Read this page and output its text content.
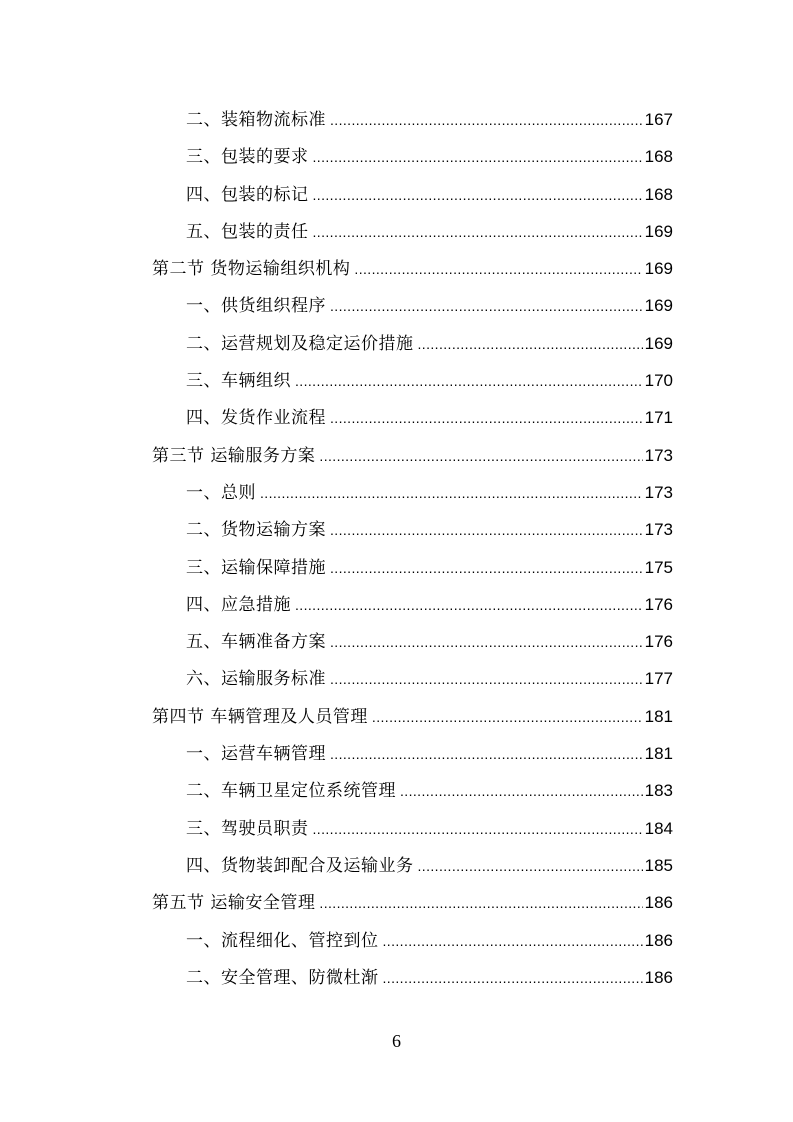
二、装箱物流标准 .....	167
三、包装的要求 .....	168
四、包装的标记 .....	168
五、包装的责任 .....	169
第二节 货物运输组织机构 .....	169
一、供货组织程序 .....	169
二、运营规划及稳定运价措施 .....	169
三、车辆组织 .....	170
四、发货作业流程 .....	171
第三节 运输服务方案 .....	173
一、总则 .....	173
二、货物运输方案 .....	173
三、运输保障措施 .....	175
四、应急措施 .....	176
五、车辆准备方案 .....	176
六、运输服务标准 .....	177
第四节 车辆管理及人员管理 .....	181
一、运营车辆管理 .....	181
二、车辆卫星定位系统管理 .....	183
三、驾驶员职责 .....	184
四、货物装卸配合及运输业务 .....	185
第五节 运输安全管理 .....	186
一、流程细化、管控到位 .....	186
二、安全管理、防微杜渐 .....	186
6
